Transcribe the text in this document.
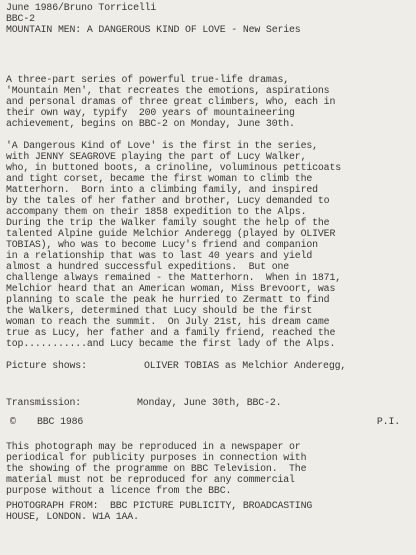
June 1986/Bruno Torricelli
BBC-2
MOUNTAIN MEN: A DANGEROUS KIND OF LOVE - New Series
A three-part series of powerful true-life dramas,
'Mountain Men', that recreates the emotions, aspirations
and personal dramas of three great climbers, who, each in
their own way, typify  200 years of mountaineering
achievement, begins on BBC-2 on Monday, June 30th.
'A Dangerous Kind of Love' is the first in the series,
with JENNY SEAGROVE playing the part of Lucy Walker,
who, in buttoned boots, a crinoline, voluminous petticoats
and tight corset, became the first woman to climb the
Matterhorn.  Born into a climbing family, and inspired
by the tales of her father and brother, Lucy demanded to
accompany them on their 1858 expedition to the Alps.
During the trip the Walker family sought the help of the
talented Alpine guide Melchior Anderegg (played by OLIVER
TOBIAS), who was to become Lucy's friend and companion
in a relationship that was to last 40 years and yield
almost a hundred successful expeditions.  But one
challenge always remained - the Matterhorn.  When in 1871,
Melchior heard that an American woman, Miss Brevoort, was
planning to scale the peak he hurried to Zermatt to find
the Walkers, determined that Lucy should be the first
woman to reach the summit.  On July 21st, his dream came
true as Lucy, her father and a family friend, reached the
top...........and Lucy became the first lady of the Alps.
Picture shows:	OLIVER TOBIAS as Melchior Anderegg,
Transmission:	Monday, June 30th, BBC-2.
© BBC 1986	P.I.
This photograph may be reproduced in a newspaper or
periodical for publicity purposes in connection with
the showing of the programme on BBC Television.  The
material must not be reproduced for any commercial
purpose without a licence from the BBC.
PHOTOGRAPH FROM:  BBC PICTURE PUBLICITY, BROADCASTING
HOUSE, LONDON. W1A 1AA.
